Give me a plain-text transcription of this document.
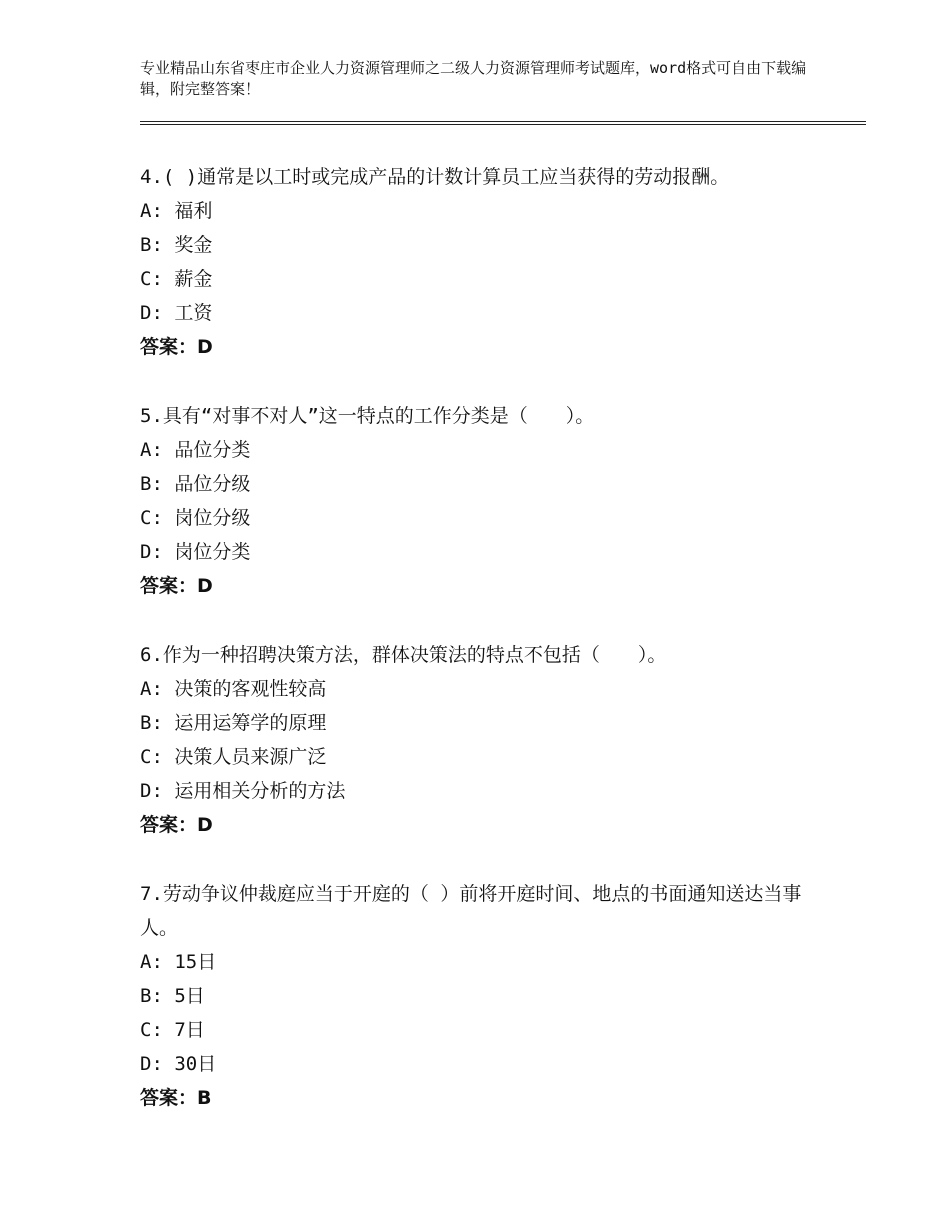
专业精品山东省枣庄市企业人力资源管理师之二级人力资源管理师考试题库，word格式可自由下载编辑，附完整答案！
4.( )通常是以工时或完成产品的计数计算员工应当获得的劳动报酬。
A: 福利
B: 奖金
C: 薪金
D: 工资
答案：D
5.具有“对事不对人”这一特点的工作分类是（　　）。
A: 品位分类
B: 品位分级
C: 岗位分级
D: 岗位分类
答案：D
6.作为一种招聘决策方法，群体决策法的特点不包括（　　）。
A: 决策的客观性较高
B: 运用运筹学的原理
C: 决策人员来源广泛
D: 运用相关分析的方法
答案：D
7.劳动争议仲裁庭应当于开庭的（ ）前将开庭时间、地点的书面通知送达当事人。
A: 15日
B: 5日
C: 7日
D: 30日
答案：B
